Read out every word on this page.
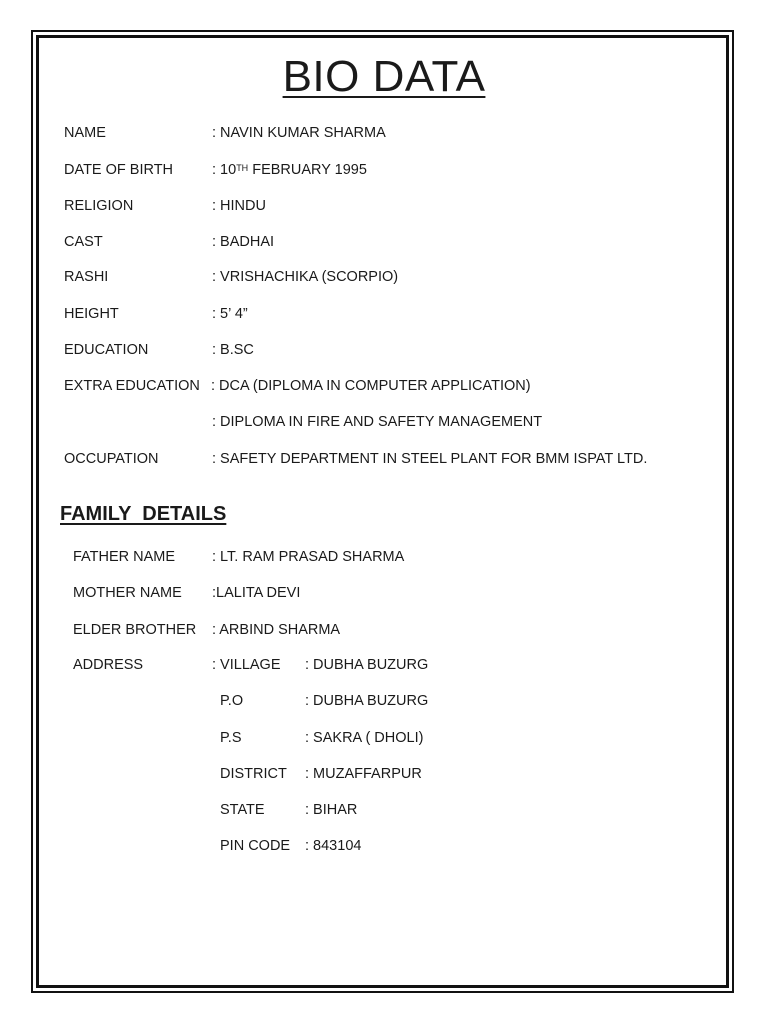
BIO DATA
NAME	: NAVIN KUMAR SHARMA
DATE OF BIRTH	: 10TH FEBRUARY 1995
RELIGION	: HINDU
CAST	: BADHAI
RASHI	: VRISHACHIKA (SCORPIO)
HEIGHT	: 5’ 4”
EDUCATION	: B.SC
EXTRA EDUCATION : DCA (DIPLOMA IN COMPUTER APPLICATION)
: DIPLOMA IN FIRE AND SAFETY MANAGEMENT
OCCUPATION	: SAFETY DEPARTMENT IN STEEL PLANT FOR BMM ISPAT LTD.
FAMILY  DETAILS
FATHER NAME	: LT. RAM PRASAD SHARMA
MOTHER NAME :LALITA DEVI
ELDER BROTHER : ARBIND SHARMA
ADDRESS	: VILLAGE : DUBHA BUZURG
P.O	: DUBHA BUZURG
P.S	: SAKRA ( DHOLI)
DISTRICT : MUZAFFARPUR
STATE	: BIHAR
PIN CODE : 843104
